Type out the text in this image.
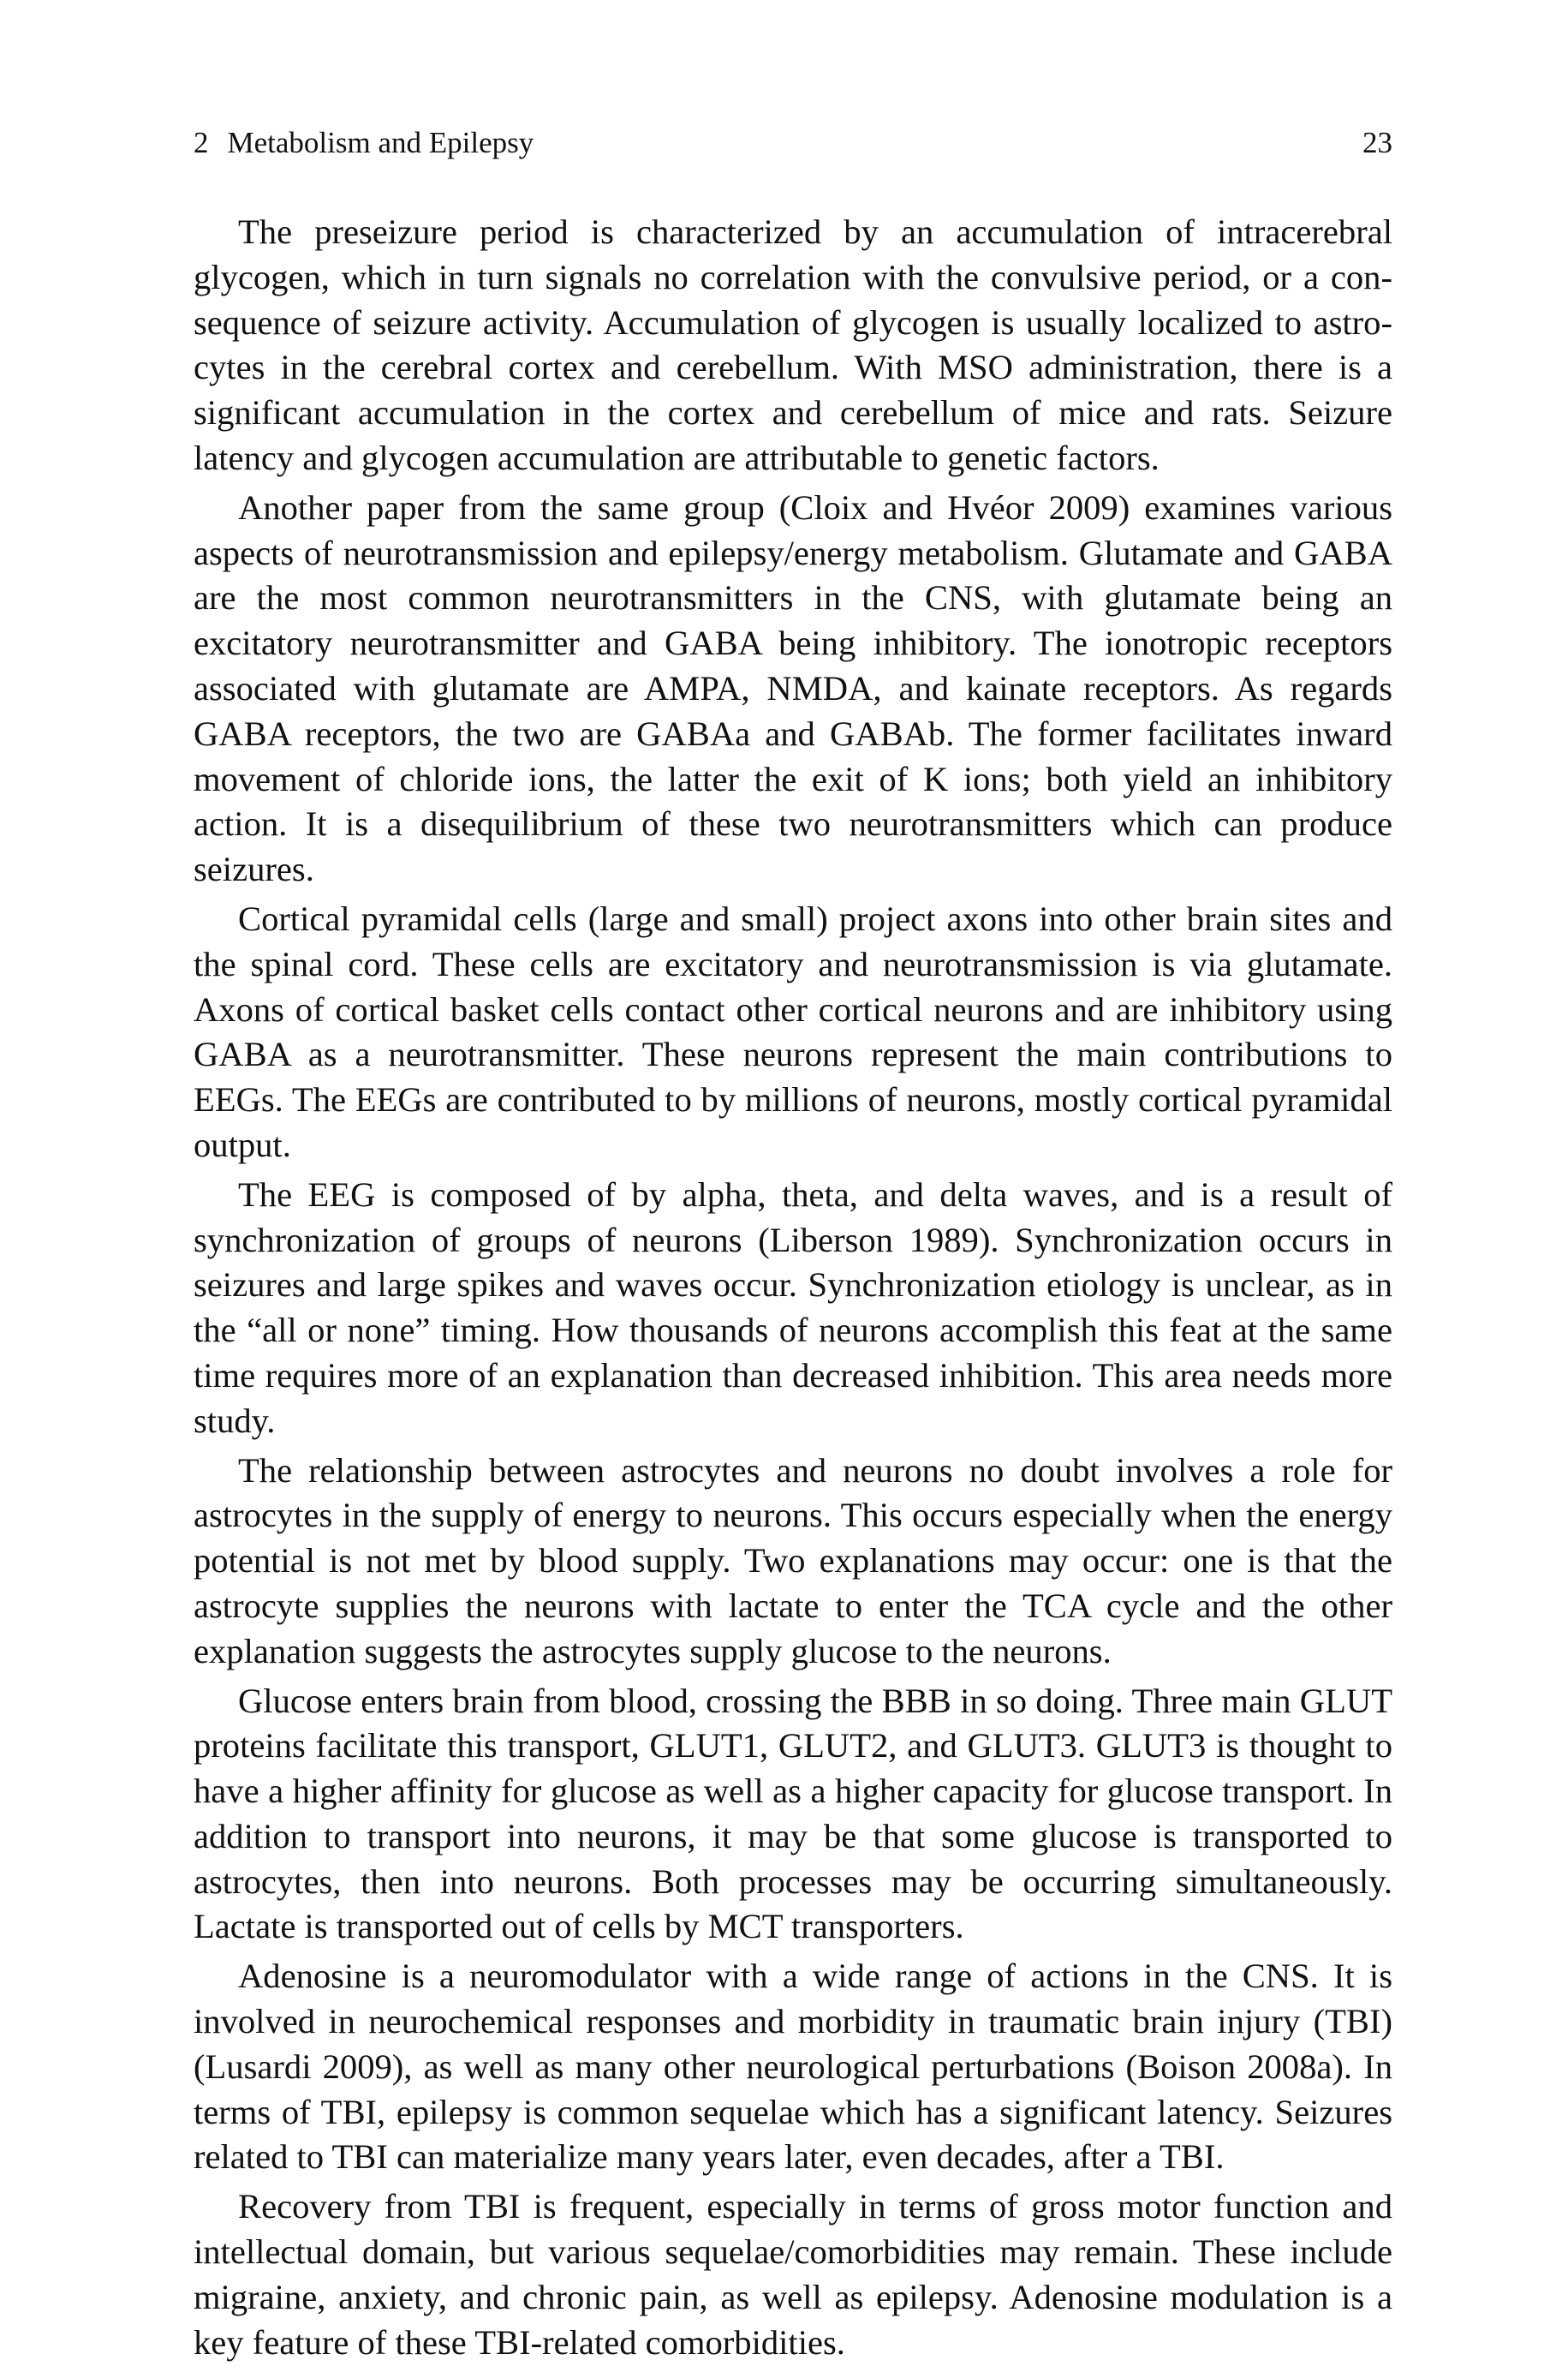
2 Metabolism and Epilepsy	23

The preseizure period is characterized by an accumulation of intracerebral glycogen, which in turn signals no correlation with the convulsive period, or a consequence of seizure activity. Accumulation of glycogen is usually localized to astrocytes in the cerebral cortex and cerebellum. With MSO administration, there is a significant accumulation in the cortex and cerebellum of mice and rats. Seizure latency and glycogen accumulation are attributable to genetic factors.

Another paper from the same group (Cloix and Hvéor 2009) examines various aspects of neurotransmission and epilepsy/energy metabolism. Glutamate and GABA are the most common neurotransmitters in the CNS, with glutamate being an excitatory neurotransmitter and GABA being inhibitory. The ionotropic receptors associated with glutamate are AMPA, NMDA, and kainate receptors. As regards GABA receptors, the two are GABAa and GABAb. The former facilitates inward movement of chloride ions, the latter the exit of K ions; both yield an inhibitory action. It is a disequilibrium of these two neurotransmitters which can produce seizures.

Cortical pyramidal cells (large and small) project axons into other brain sites and the spinal cord. These cells are excitatory and neurotransmission is via glutamate. Axons of cortical basket cells contact other cortical neurons and are inhibitory using GABA as a neurotransmitter. These neurons represent the main contributions to EEGs. The EEGs are contributed to by millions of neurons, mostly cortical pyramidal output.

The EEG is composed of by alpha, theta, and delta waves, and is a result of synchronization of groups of neurons (Liberson 1989). Synchronization occurs in seizures and large spikes and waves occur. Synchronization etiology is unclear, as in the “all or none” timing. How thousands of neurons accomplish this feat at the same time requires more of an explanation than decreased inhibition. This area needs more study.

The relationship between astrocytes and neurons no doubt involves a role for astrocytes in the supply of energy to neurons. This occurs especially when the energy potential is not met by blood supply. Two explanations may occur: one is that the astrocyte supplies the neurons with lactate to enter the TCA cycle and the other explanation suggests the astrocytes supply glucose to the neurons.

Glucose enters brain from blood, crossing the BBB in so doing. Three main GLUT proteins facilitate this transport, GLUT1, GLUT2, and GLUT3. GLUT3 is thought to have a higher affinity for glucose as well as a higher capacity for glucose transport. In addition to transport into neurons, it may be that some glucose is transported to astrocytes, then into neurons. Both processes may be occurring simultaneously. Lactate is transported out of cells by MCT transporters.

Adenosine is a neuromodulator with a wide range of actions in the CNS. It is involved in neurochemical responses and morbidity in traumatic brain injury (TBI) (Lusardi 2009), as well as many other neurological perturbations (Boison 2008a). In terms of TBI, epilepsy is common sequelae which has a significant latency. Seizures related to TBI can materialize many years later, even decades, after a TBI.

Recovery from TBI is frequent, especially in terms of gross motor function and intellectual domain, but various sequelae/comorbidities may remain. These include migraine, anxiety, and chronic pain, as well as epilepsy. Adenosine modulation is a key feature of these TBI-related comorbidities.
